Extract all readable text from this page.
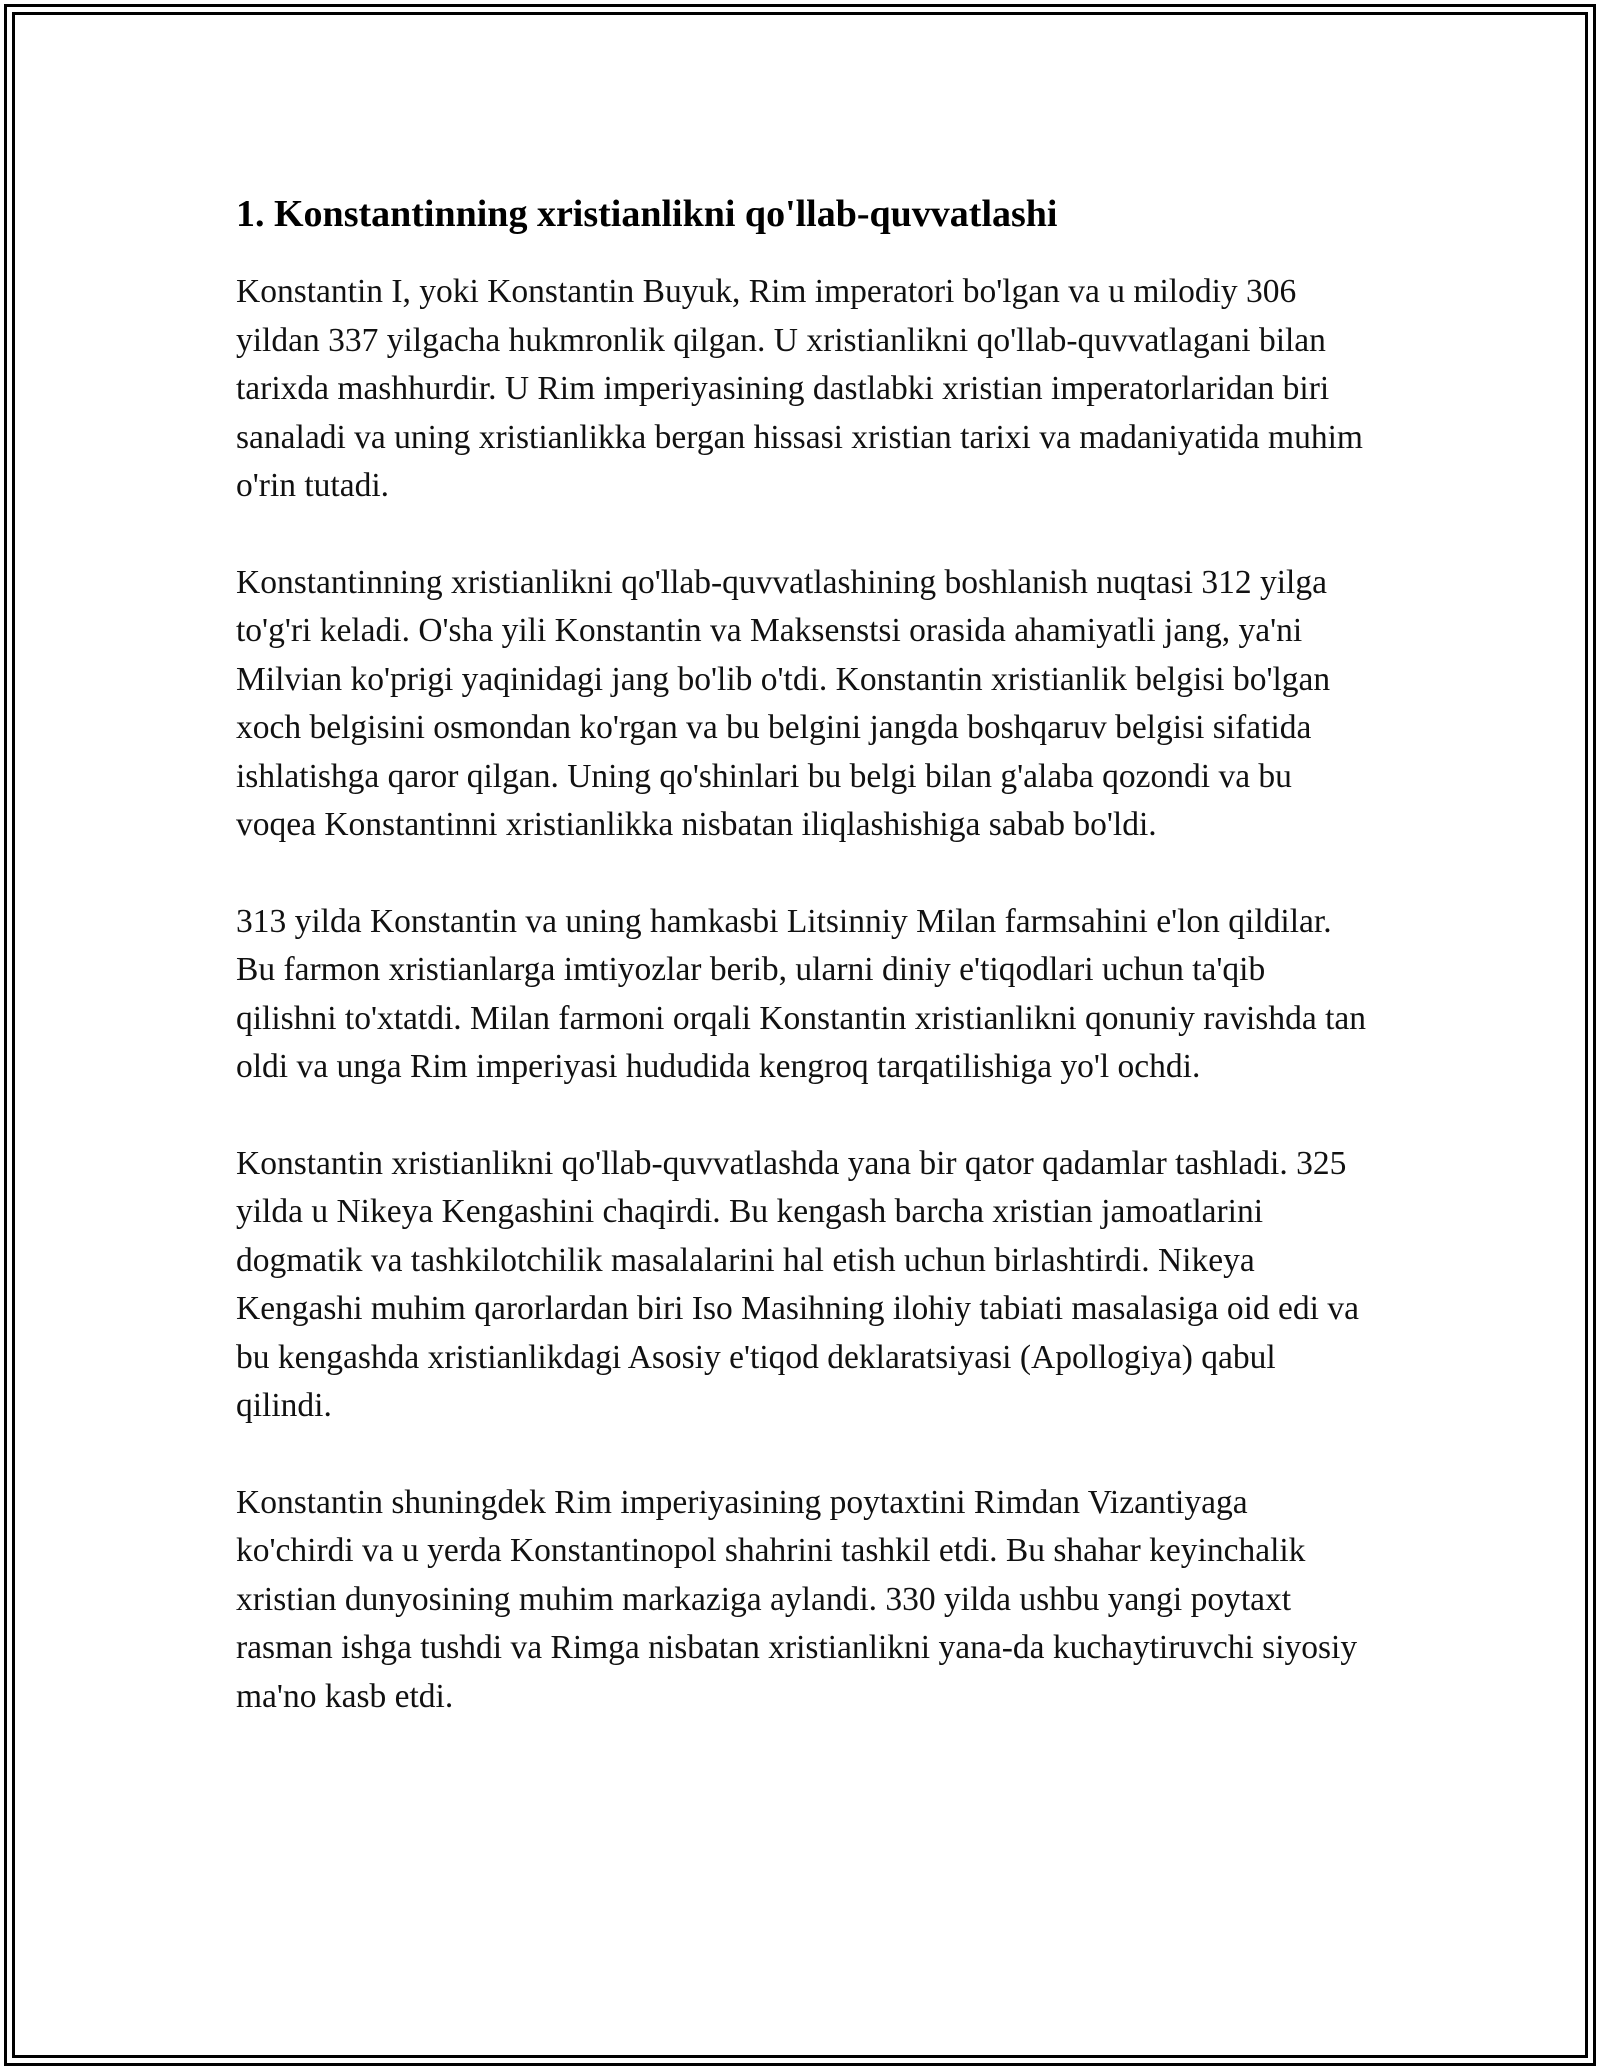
1. Konstantinning xristianlikni qo'llab-quvvatlashi

Konstantin I, yoki Konstantin Buyuk, Rim imperatori bo'lgan va u milodiy 306 yildan 337 yilgacha hukmronlik qilgan. U xristianlikni qo'llab-quvvatlagani bilan tarixda mashhurdir. U Rim imperiyasining dastlabki xristian imperatorlaridan biri sanaladi va uning xristianlikka bergan hissasi xristian tarixi va madaniyatida muhim o'rin tutadi.

Konstantinning xristianlikni qo'llab-quvvatlashining boshlanish nuqtasi 312 yilga to'g'ri keladi. O'sha yili Konstantin va Maksenstsi orasida ahamiyatli jang, ya'ni Milvian ko'prigi yaqinidagi jang bo'lib o'tdi. Konstantin xristianlik belgisi bo'lgan xoch belgisini osmondan ko'rgan va bu belgini jangda boshqaruv belgisi sifatida ishlatishga qaror qilgan. Uning qo'shinlari bu belgi bilan g'alaba qozondi va bu voqea Konstantinni xristianlikka nisbatan iliqlashishiga sabab bo'ldi.

313 yilda Konstantin va uning hamkasbi Litsinniy Milan farmsahini e'lon qildilar. Bu farmon xristianlarga imtiyozlar berib, ularni diniy e'tiqodlari uchun ta'qib qilishni to'xtatdi. Milan farmoni orqali Konstantin xristianlikni qonuniy ravishda tan oldi va unga Rim imperiyasi hududida kengroq tarqatilishiga yo'l ochdi.

Konstantin xristianlikni qo'llab-quvvatlashda yana bir qator qadamlar tashladi. 325 yilda u Nikeya Kengashini chaqirdi. Bu kengash barcha xristian jamoatlarini dogmatik va tashkilotchilik masalalarini hal etish uchun birlashtirdi. Nikeya Kengashi muhim qarorlardan biri Iso Masihning ilohiy tabiati masalasiga oid edi va bu kengashda xristianlikdagi Asosiy e'tiqod deklaratsiyasi (Apollogiya) qabul qilindi.

Konstantin shuningdek Rim imperiyasining poytaxtini Rimdan Vizantiyaga ko'chirdi va u yerda Konstantinopol shahrini tashkil etdi. Bu shahar keyinchalik xristian dunyosining muhim markaziga aylandi. 330 yilda ushbu yangi poytaxt rasman ishga tushdi va Rimga nisbatan xristianlikni yana-da kuchaytiruvchi siyosiy ma'no kasb etdi.
